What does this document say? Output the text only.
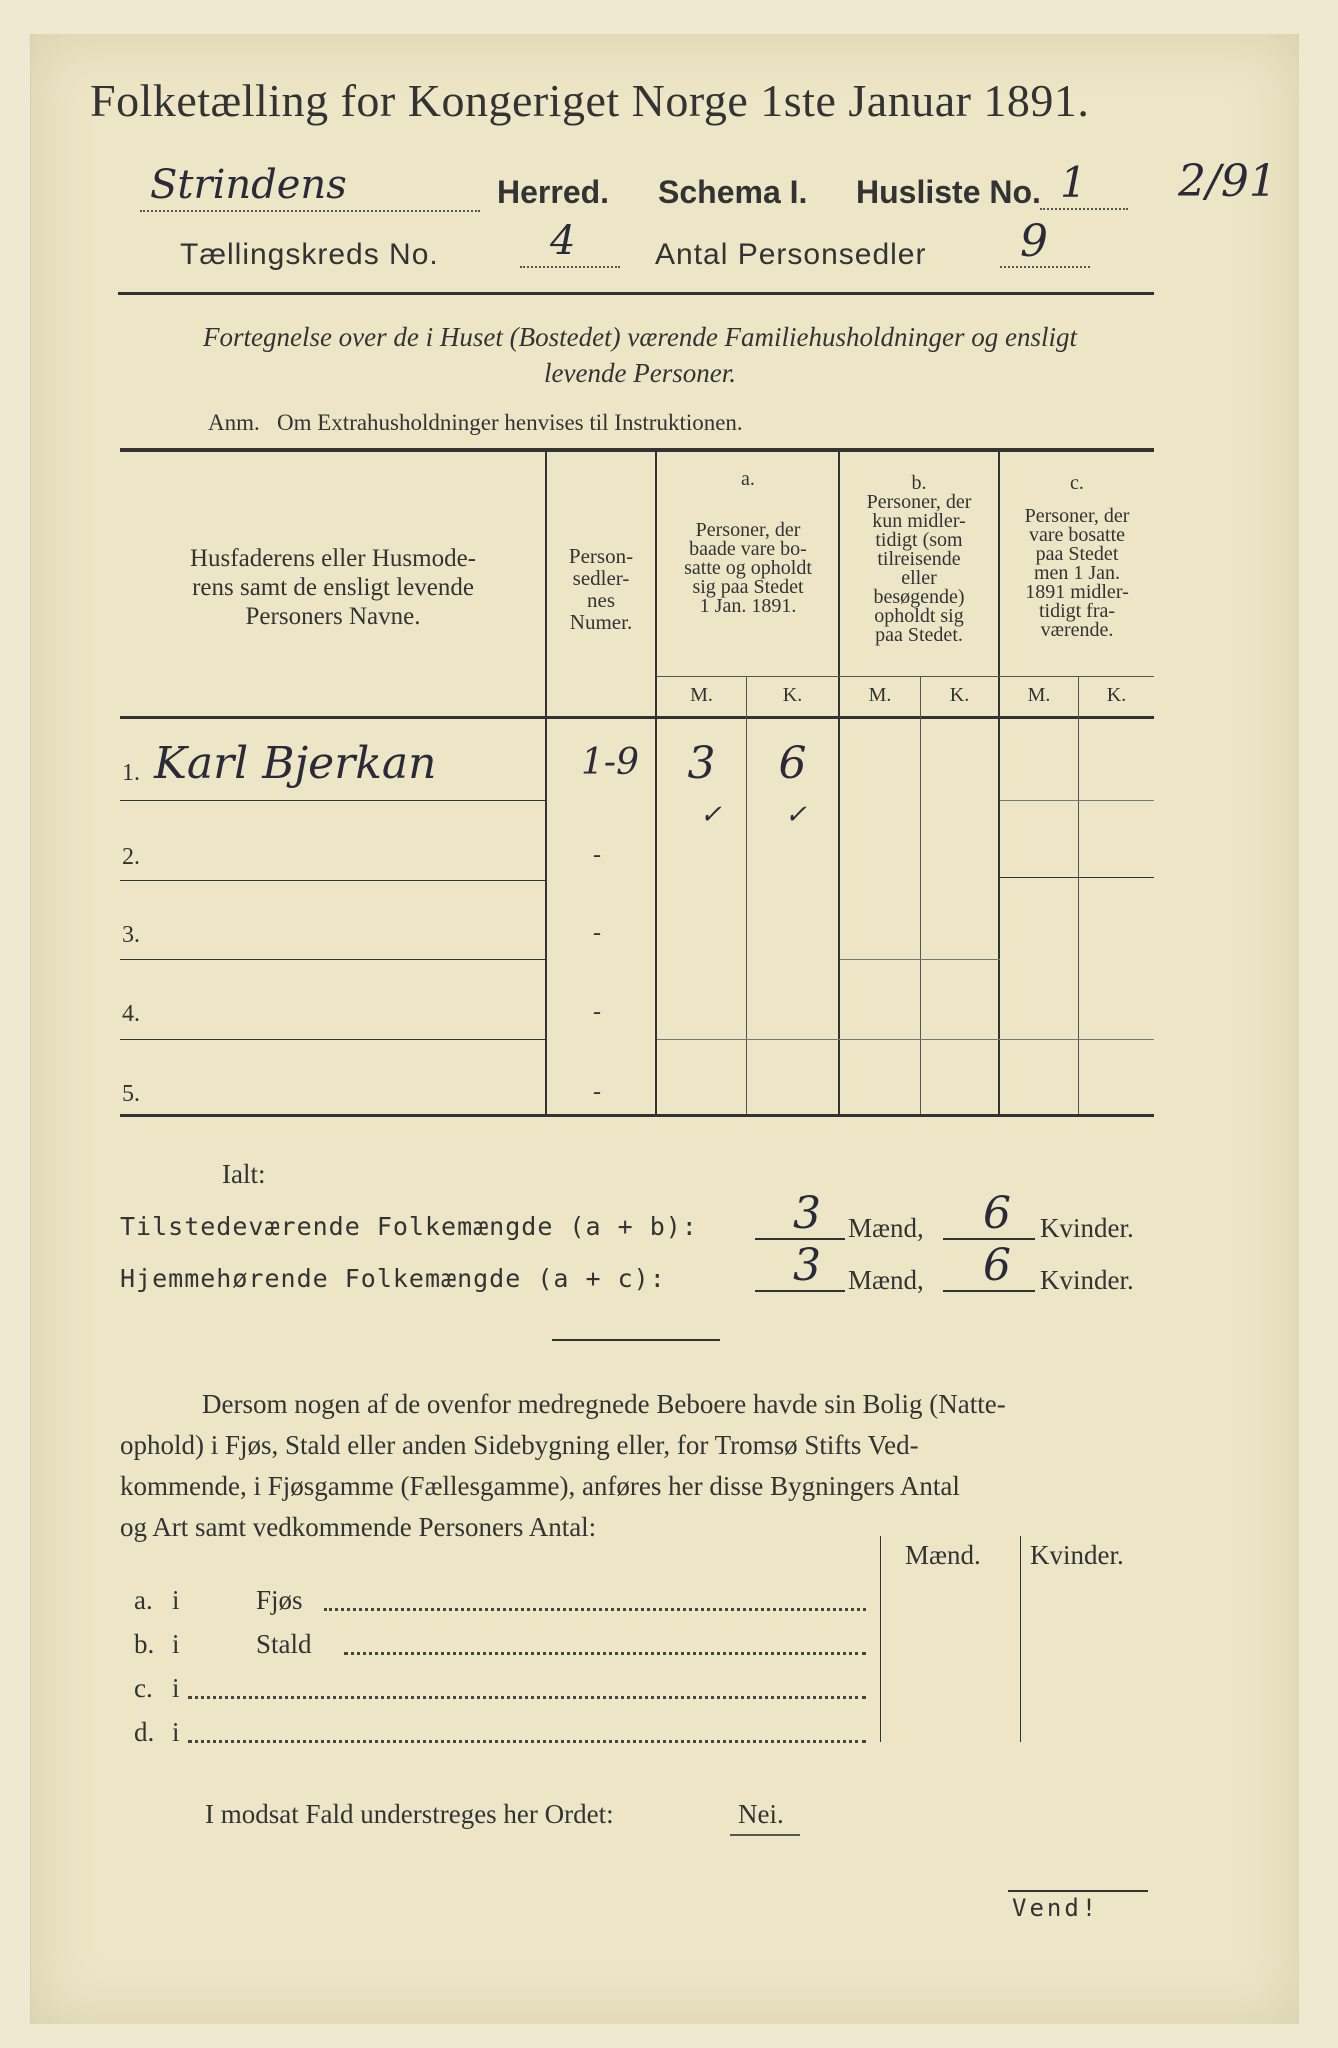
Folketælling for Kongeriget Norge 1ste Januar 1891.
Strindens	Herred. Schema I. Husliste No. 1 2/91
Tællingskreds No.	4	Antal Personsedler 9
Fortegnelse over de i Huset (Bostedet) værende Familiehusholdninger og ensligt
levende Personer.
Anm.   Om Extrahusholdninger henvises til Instruktionen.
Husfaderens eller Husmode-
rens samt de ensligt levende
Personers Navne.
Person-
sedler-
nes
Numer.
a.
Personer, der
baade vare bo-
satte og opholdt
sig paa Stedet
1 Jan. 1891.
b.
Personer, der
kun midler-
tidigt (som
tilreisende
eller
besøgende)
opholdt sig
paa Stedet.
c.
Personer, der
vare bosatte
paa Stedet
men 1 Jan.
1891 midler-
tidigt fra-
værende.
M.	K.	M.	K.	M.	K.
1. Karl Bjerkan	1-9	3	6
2.	-
✓ ✓
3.	-
4.	-
5.	-
Ialt:
Tilstedeværende Folkemængde (a + b): 3 Mænd, 6 Kvinder.
Hjemmehørende Folkemængde (a + c):	3 Mænd, 6 Kvinder.
Dersom nogen af de ovenfor medregnede Beboere havde sin Bolig (Natte-
ophold) i Fjøs, Stald eller anden Sidebygning eller, for Tromsø Stifts Ved-
kommende, i Fjøsgamme (Fællesgamme), anføres her disse Bygningers Antal
og Art samt vedkommende Personers Antal:
Mænd. Kvinder.
a. i	Fjøs
b. i	Stald
c. i
d. i
I modsat Fald understreges her Ordet:	Nei.
Vend!
